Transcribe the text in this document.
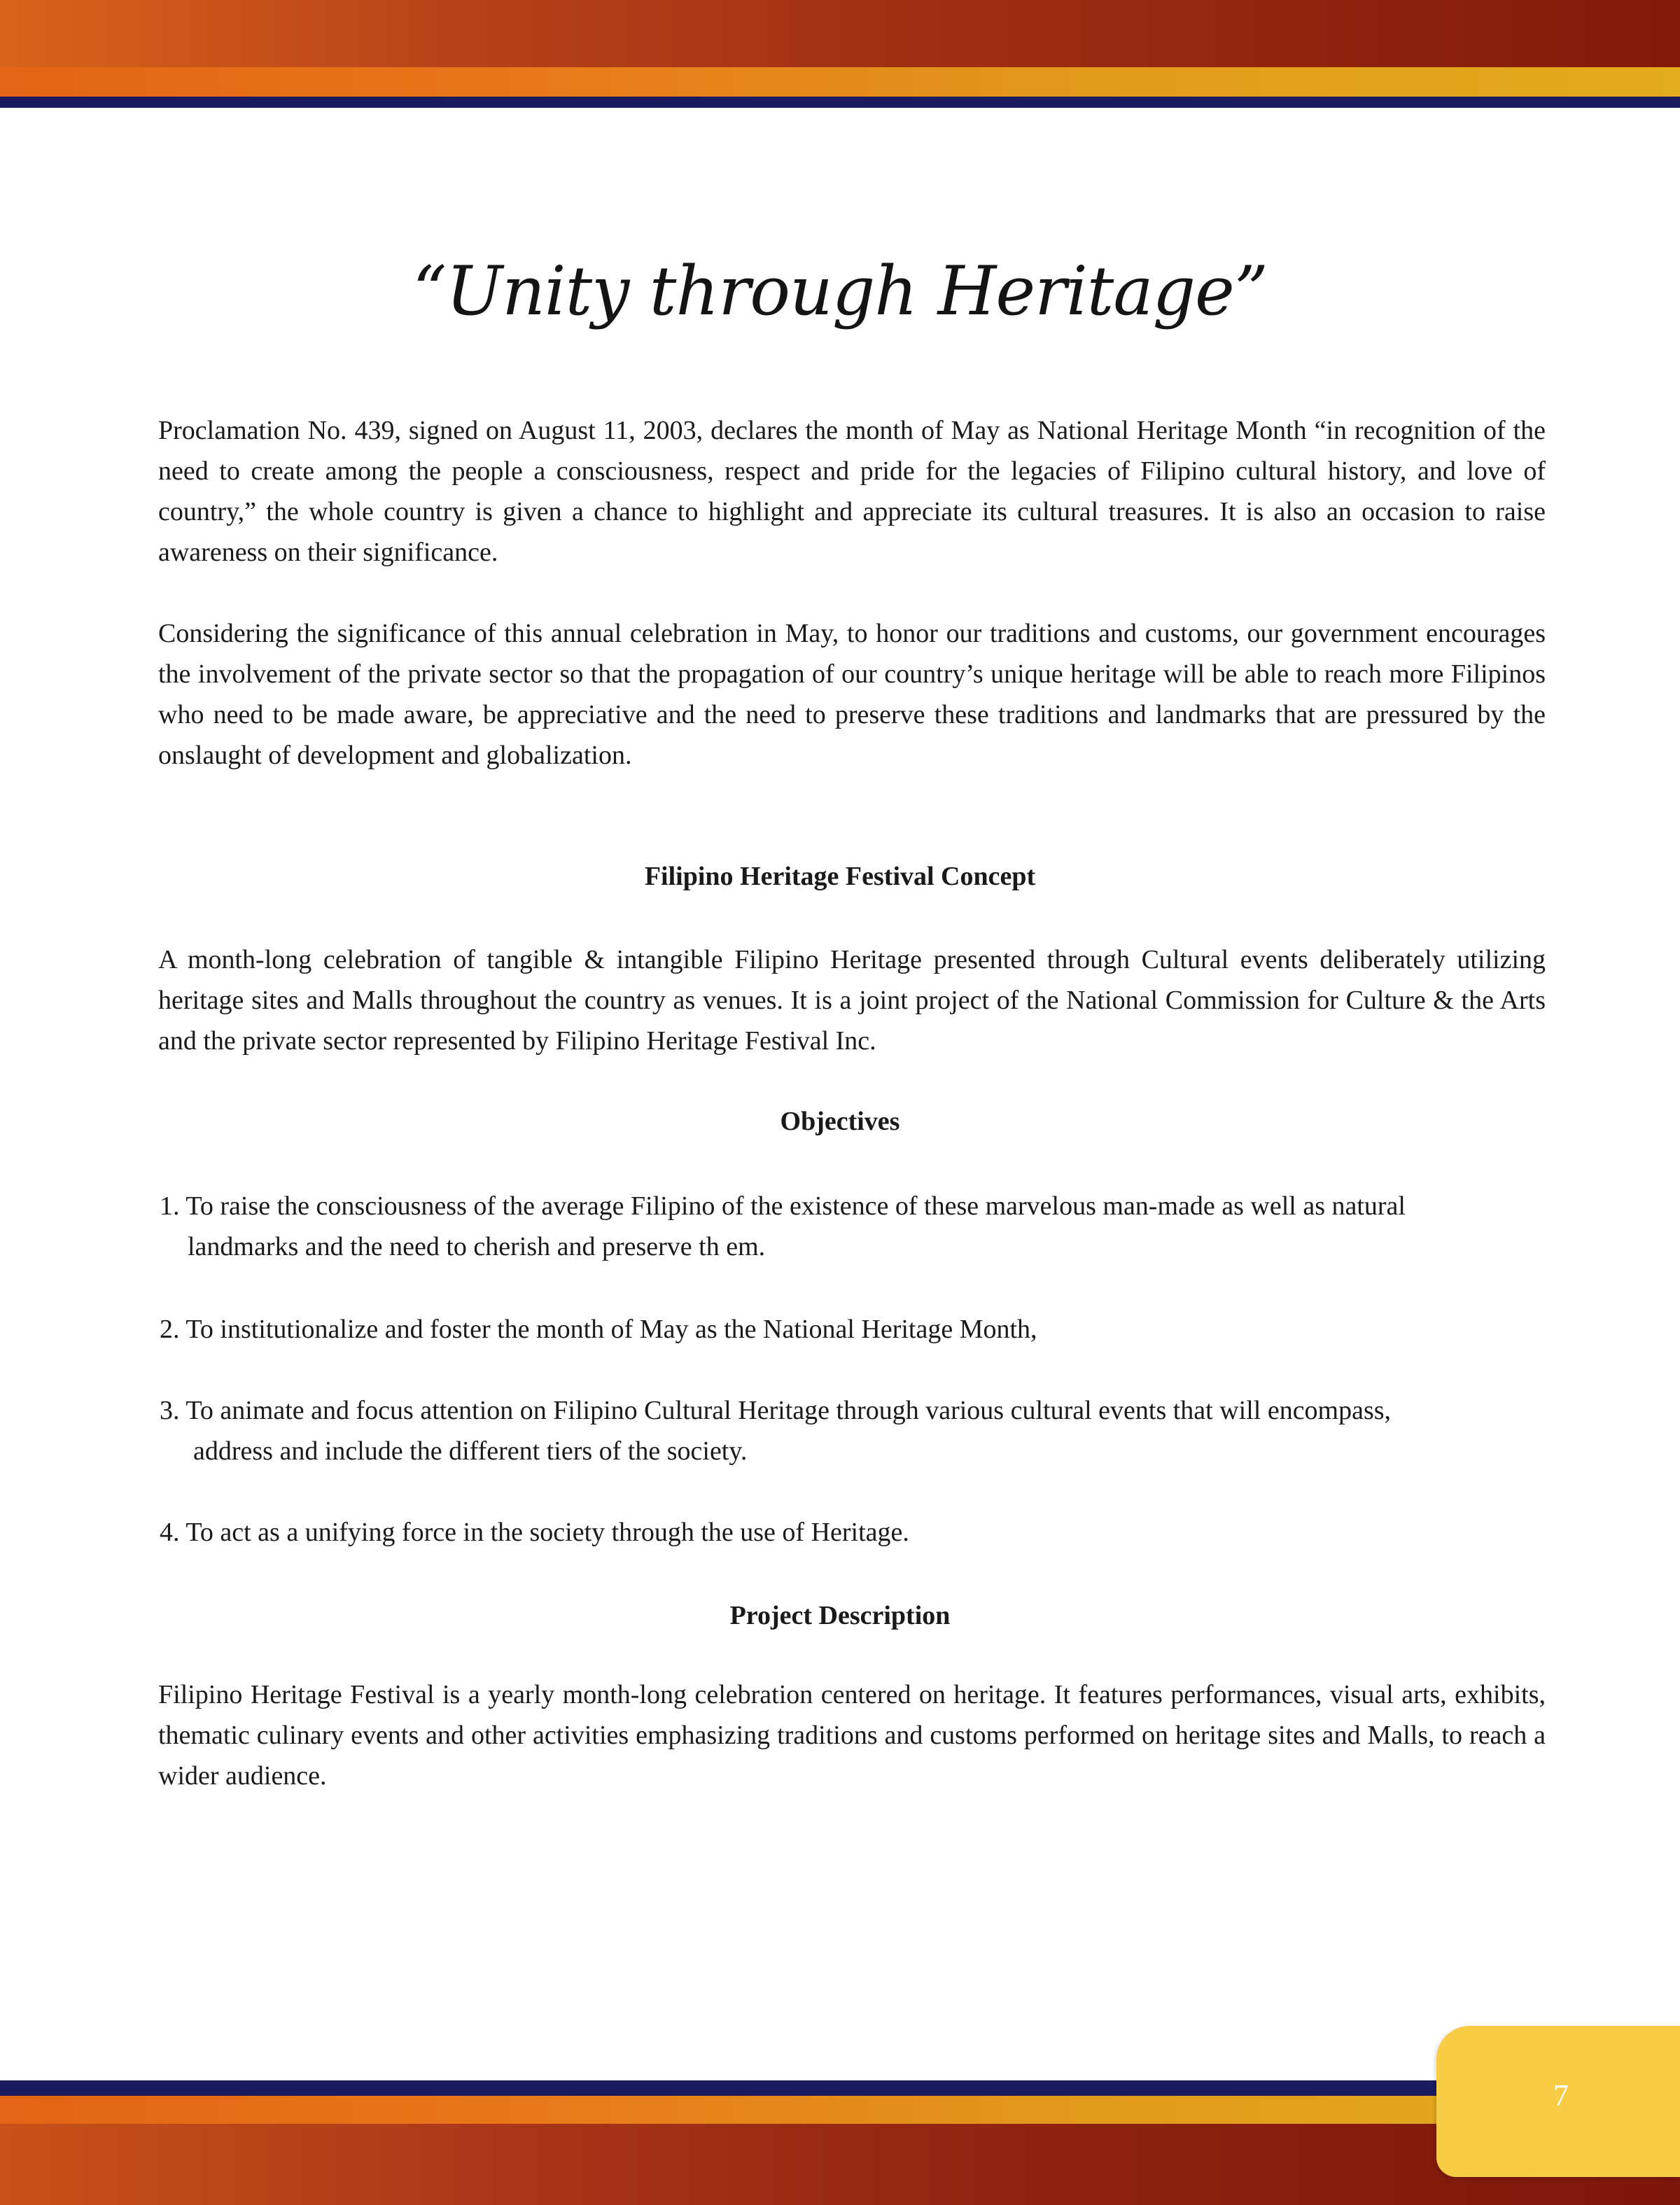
“Unity through Heritage”

Proclamation No. 439, signed on August 11, 2003, declares the month of May as National Heritage Month “in recognition of the need to create among the people a consciousness, respect and pride for the legacies of Filipino cultural history, and love of country,” the whole country is given a chance to highlight and appreciate its cultural treasures. It is also an occasion to raise awareness on their significance.

Considering the significance of this annual celebration in May, to honor our traditions and customs, our government encourages the involvement of the private sector so that the propagation of our country’s unique heritage will be able to reach more Filipinos who need to be made aware, be appreciative and the need to preserve these traditions and landmarks that are pressured by the onslaught of development and globalization.

Filipino Heritage Festival Concept

A month-long celebration of tangible & intangible Filipino Heritage presented through Cultural events deliberately utilizing heritage sites and Malls throughout the country as venues. It is a joint project of the National Commission for Culture & the Arts and the private sector represented by Filipino Heritage Festival Inc.

Objectives
1. To raise the consciousness of the average Filipino of the existence of these marvelous man-made as well as natural
landmarks and the need to cherish and preserve th em.
2. To institutionalize and foster the month of May as the National Heritage Month,
3. To animate and focus attention on Filipino Cultural Heritage through various cultural events that will encompass,
address and include the different tiers of the society.
4. To act as a unifying force in the society through the use of Heritage.
Project Description

Filipino Heritage Festival is a yearly month-long celebration centered on heritage. It features performances, visual arts, exhibits, thematic culinary events and other activities emphasizing traditions and customs performed on heritage sites and Malls, to reach a wider audience.

7
